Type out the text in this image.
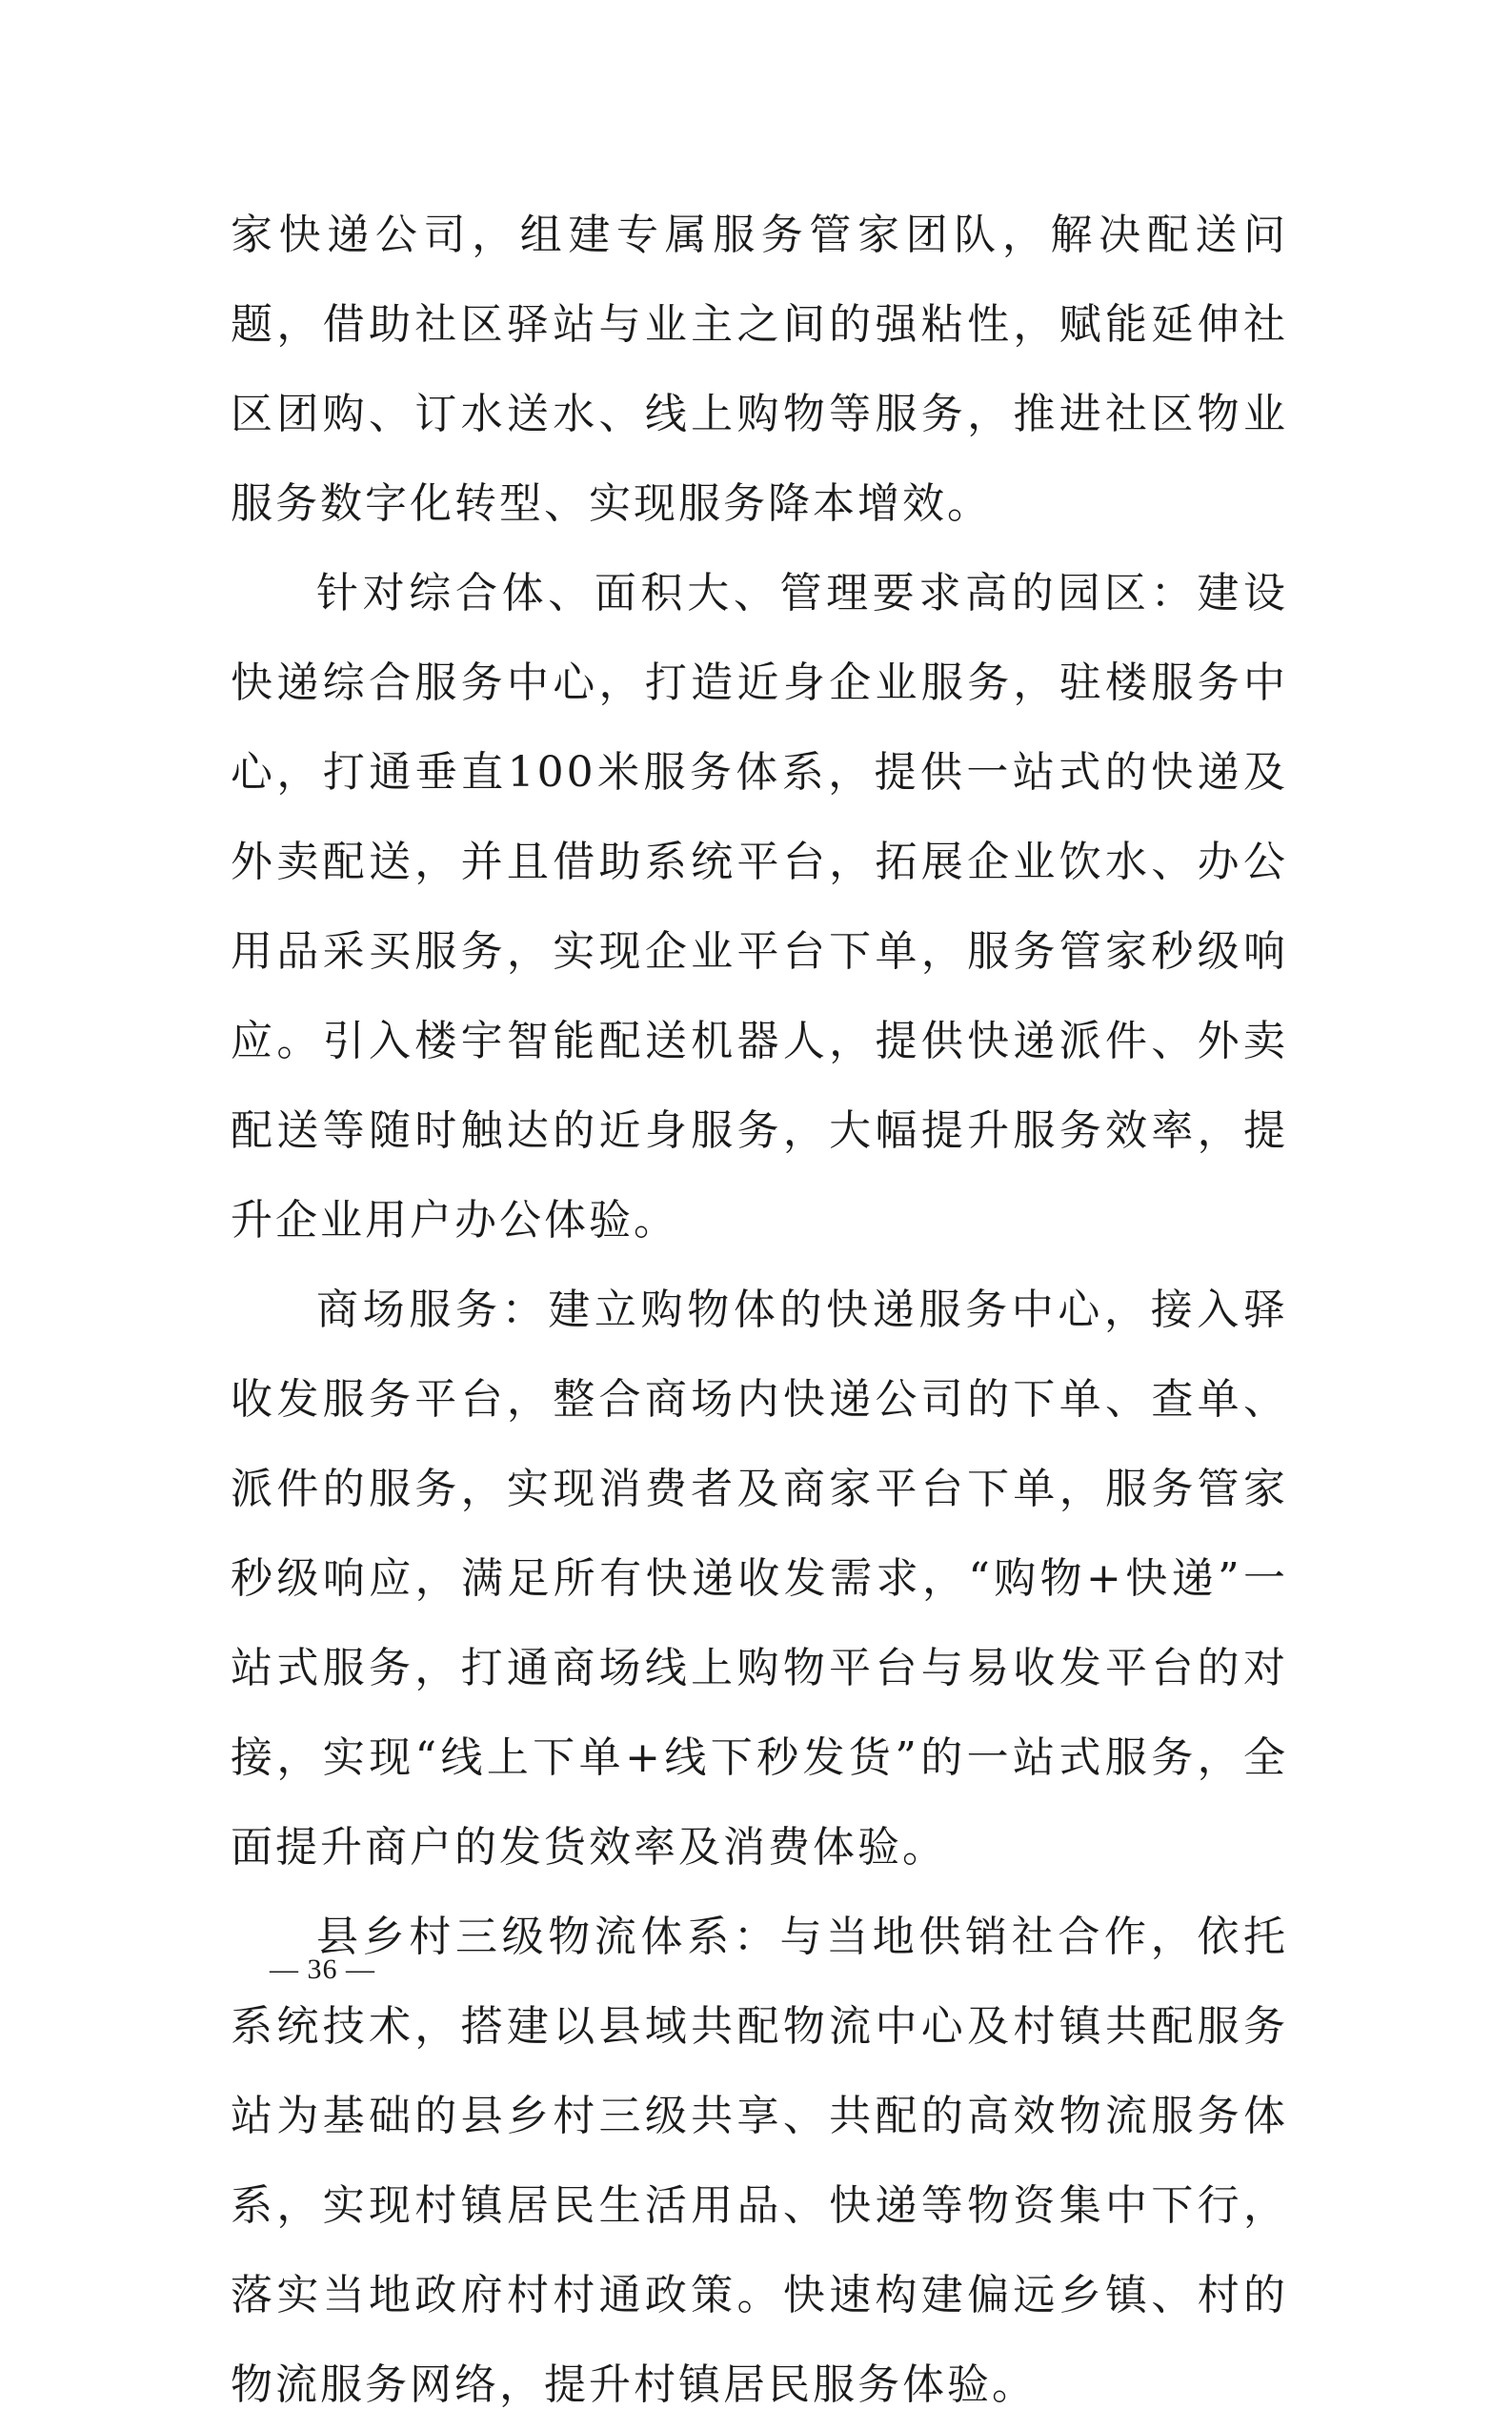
家快递公司，组建专属服务管家团队，解决配送问题，借助社区驿站与业主之间的强粘性，赋能延伸社区团购、订水送水、线上购物等服务，推进社区物业服务数字化转型、实现服务降本增效。

针对综合体、面积大、管理要求高的园区：建设快递综合服务中心，打造近身企业服务，驻楼服务中心，打通垂直100米服务体系，提供一站式的快递及外卖配送，并且借助系统平台，拓展企业饮水、办公用品采买服务，实现企业平台下单，服务管家秒级响应。引入楼宇智能配送机器人，提供快递派件、外卖配送等随时触达的近身服务，大幅提升服务效率，提升企业用户办公体验。

商场服务：建立购物体的快递服务中心，接入驿收发服务平台，整合商场内快递公司的下单、查单、派件的服务，实现消费者及商家平台下单，服务管家秒级响应，满足所有快递收发需求，“购物+快递”一站式服务，打通商场线上购物平台与易收发平台的对接，实现“线上下单+线下秒发货”的一站式服务，全面提升商户的发货效率及消费体验。

县乡村三级物流体系：与当地供销社合作，依托系统技术，搭建以县域共配物流中心及村镇共配服务站为基础的县乡村三级共享、共配的高效物流服务体系，实现村镇居民生活用品、快递等物资集中下行，落实当地政府村村通政策。快速构建偏远乡镇、村的物流服务网络，提升村镇居民服务体验。

— 36 —
